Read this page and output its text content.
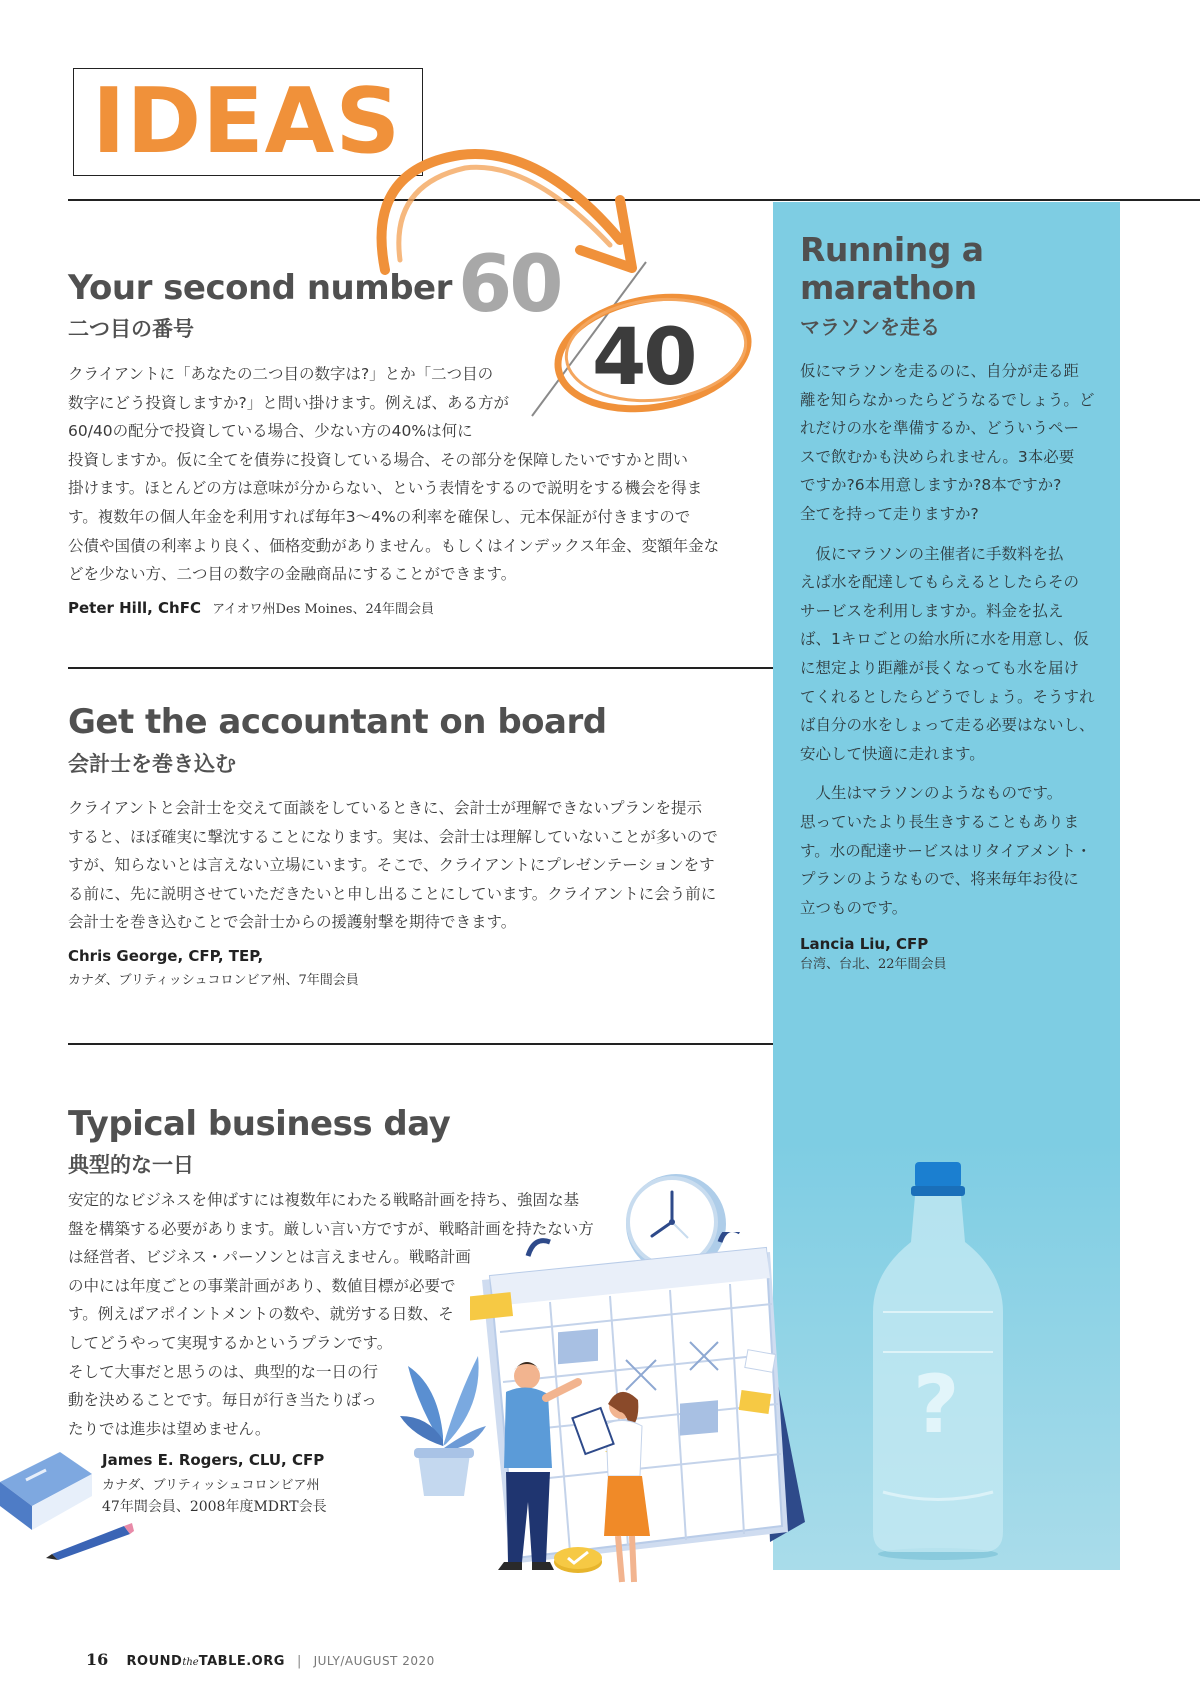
IDEAS
?
Running a
marathon
マラソンを走る

仮にマラソンを走るのに、自分が走る距
離を知らなかったらどうなるでしょう。ど
れだけの水を準備するか、どういうペー
スで飲むかも決められません。3本必要
ですか?6本用意しますか?8本ですか?
全てを持って走りますか?

　仮にマラソンの主催者に手数料を払
えば水を配達してもらえるとしたらその
サービスを利用しますか。料金を払え
ば、1キロごとの給水所に水を用意し、仮
に想定より距離が長くなっても水を届け
てくれるとしたらどうでしょう。そうすれ
ば自分の水をしょって走る必要はないし、
安心して快適に走れます。

　人生はマラソンのようなものです。
思っていたより長生きすることもありま
す。水の配達サービスはリタイアメント・
プランのようなもので、将来毎年お役に
立つものです。

Lancia Liu, CFP
台湾、台北、22年間会員
Your second number
二つ目の番号	60
40
クライアントに「あなたの二つ目の数字は?」とか「二つ目の
数字にどう投資しますか?」と問い掛けます。例えば、ある方が
60/40の配分で投資している場合、少ない方の40%は何に
投資しますか。仮に全てを債券に投資している場合、その部分を保障したいですかと問い
掛けます。ほとんどの方は意味が分からない、という表情をするので説明をする機会を得ま
す。複数年の個人年金を利用すれば毎年3〜4%の利率を確保し、元本保証が付きますので
公債や国債の利率より良く、価格変動がありません。もしくはインデックス年金、変額年金な
どを少ない方、二つ目の数字の金融商品にすることができます。
Peter Hill, ChFC アイオワ州Des Moines、24年間会員
Get the accountant on board
会計士を巻き込む
クライアントと会計士を交えて面談をしているときに、会計士が理解できないプランを提示
すると、ほぼ確実に撃沈することになります。実は、会計士は理解していないことが多いので
すが、知らないとは言えない立場にいます。そこで、クライアントにプレゼンテーションをす
る前に、先に説明させていただきたいと申し出ることにしています。クライアントに会う前に
会計士を巻き込むことで会計士からの援護射撃を期待できます。
Chris George, CFP, TEP,
カナダ、ブリティッシュコロンビア州、7年間会員
Typical business day
典型的な一日
安定的なビジネスを伸ばすには複数年にわたる戦略計画を持ち、強固な基
盤を構築する必要があります。厳しい言い方ですが、戦略計画を持たない方
は経営者、ビジネス・パーソンとは言えません。戦略計画
の中には年度ごとの事業計画があり、数値目標が必要で
す。例えばアポイントメントの数や、就労する日数、そ
してどうやって実現するかというプランです。
そして大事だと思うのは、典型的な一日の行
動を決めることです。毎日が行き当たりばっ
たりでは進歩は望めません。
James E. Rogers, CLU, CFP
カナダ、ブリティッシュコロンビア州
47年間会員、2008年度MDRT会長
16 ROUNDtheTABLE.ORG | JULY/AUGUST 2020
